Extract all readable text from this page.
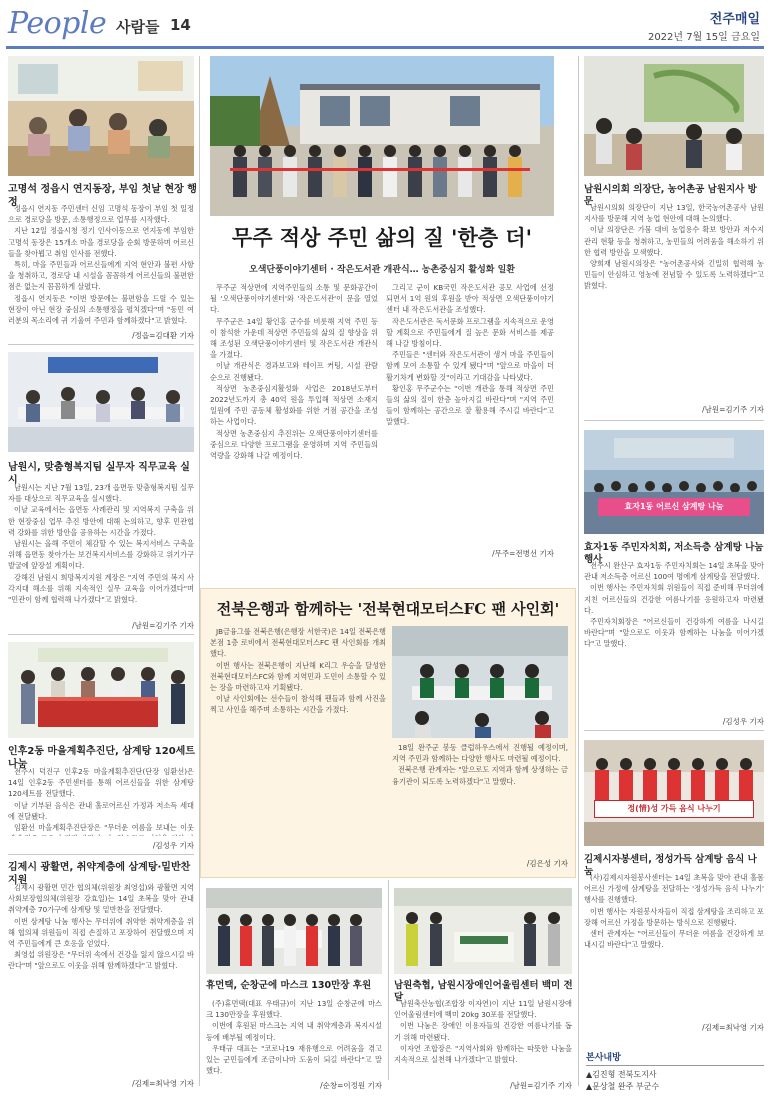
People 사람들 14	전주매일
2022년 7월 15일 금요일
고명석 정읍시 연지동장, 부임 첫날 현장 행정

정읍시 연지동 주민센터 신임 고명석 동장이 부임 첫 일정으로 경로당을 방문, 소통행정으로 업무를 시작했다.

지난 12일 정읍시청 정기 인사이동으로 연지동에 부임한 고명석 동장은 15개소 마을 경로당을 순회 방문하며 어르신들을 찾아뵙고 취임 인사를 전했다.

특히, 마을 주민들과 어르신들에게 지역 현안과 불편 사항을 청취하고, 경로당 내 시설을 꼼꼼하게 어르신들의 불편한 점은 없는지 꼼꼼하게 살폈다.

정읍시 연지동은 "이번 방문에는 불편함을 드릴 수 있는 현장이 아닌 현장 중심의 소통행정을 펼치겠다"며 "동민 여러분의 목소리에 귀 기울여 주민과 함께하겠다"고 밝혔다.

/정읍=김대환 기자
남원시, 맞춤형복지팀 실무자 직무교육 실시

남원시는 지난 7월 13일, 23개 읍면동 맞춤형복지팀 실무자를 대상으로 직무교육을 실시했다.

이날 교육에서는 읍면동 사례관리 및 지역복지 구축을 위한 현장중심 업무 추진 방안에 대해 논의하고, 향후 민관협력 강화를 위한 방안을 공유하는 시간을 가졌다.

남원시는 올해 주민이 체감할 수 있는 복지서비스 구축을 위해 읍면동 찾아가는 보건복지서비스를 강화하고 위기가구 발굴에 앞장설 계획이다.

강해진 남원시 희망복지지원 계장은 "지역 주민의 복지 사각지대 해소를 위해 지속적인 실무 교육을 이어가겠다"며 "민관이 함께 협력해 나가겠다"고 밝혔다.

/남원=김기주 기자
인후2동 마을계획추진단, 삼계탕 120세트 나눔

전주시 덕진구 인후2동 마을계획추진단(단장 임환선)은 14일 인후2동 주민센터를 통해 어르신들을 위한 삼계탕 120세트를 전달했다.

이날 기부된 음식은 관내 홀로어르신 가정과 저소득 세대에 전달됐다.

임환선 마을계획추진단장은 "무더운 여름을 보내는 이웃

/김성우 기자
김제시 광활면, 취약계층에 삼계탕·밑반찬 지원

김제시 광활면 민간 협의체(위원장 최영섭)와 광활면 지역사회보장협의체(위원장 강효일)는 14일 초복을 맞아 관내 취약계층 70가구에 삼계탕 및 밑반찬을 전달했다.

이번 삼계탕 나눔 행사는 무더위에 취약한 취약계층을 위해 협의체 위원들이 직접 손질하고 포장하여 전달했으며 지역 주민들에게 큰 호응을 얻었다.

최영섭 위원장은 "무더위 속에서 건강을 잃지 않으시길 바란다"며 "앞으로도 이웃을 위해 함께하겠다"고 밝혔다.

/김제=최낙영 기자
무주 적상 주민 삶의 질 '한층 더'
오색단풍이야기센터 · 작은도서관 개관식… 농촌중심지 활성화 일환

무주군 적상면에 지역주민들의 소통 및 문화공간이 될 '오색단풍이야기센터'와 '작은도서관'이 문을 열었다.

무주군은 14일 황인홍 군수를 비롯해 지역 주민 등이 참석한 가운데 적상면 주민들의 삶의 질 향상을 위해 조성된 오색단풍이야기센터 및 작은도서관 개관식을 가졌다.

이날 개관식은 경과보고와 테이프 커팅, 시설 관람 순으로 진행됐다.

적상면 농촌중심지활성화 사업은 2018년도부터 2022년도까지 총 40억 원을 투입해 적상면 소재지 일원에 주민 공동체 활성화를 위한 거점 공간을 조성하는 사업이다.

적상면 농촌중심지 추진위는 오색단풍이야기센터를 중심으로 다양한 프로그램을 운영하며 지역 주민들의 역량을 강화해 나갈 예정이다.

그리고 군이 KB국민 작은도서관 공모 사업에 선정되면서 1억 원의 후원을 받아 적상면 오색단풍이야기센터 내 작은도서관을 조성했다.

작은도서관은 독서문화 프로그램을 지속적으로 운영할 계획으로 주민들에게 질 높은 문화 서비스를 제공해 나갈 방침이다.

주민들은 "센터와 작은도서관이 생겨 마을 주민들이 함께 모여 소통할 수 있게 됐다"며 "앞으로 마을이 더 활기차게 변화할 것"이라고 기대감을 나타냈다.

황인홍 무주군수는 "이번 개관을 통해 적상면 주민들의 삶의 질이 한층 높아지길 바란다"며 "지역 주민들이 함께하는 공간으로 잘 활용해 주시길 바란다"고 말했다.

/무주=전병선 기자
전북은행과 함께하는 '전북현대모터스FC 팬 사인회'

JB금융그룹 전북은행(은행장 서한국)은 14일 전북은행 본점 1층 로비에서 전북현대모터스FC 팬 사인회를 개최했다.

이번 행사는 전북은행이 지난해 K리그 우승을 달성한 전북현대모터스FC와 함께 지역민과 도민이 소통할 수 있는 장을 마련하고자 기획됐다.

이날 사인회에는 선수들이 참석해 팬들과 함께 사진을 찍고 사인을 해주며 소통하는 시간을 가졌다.

18일 완주군 봉동 클럽하우스에서 진행될 예정이며, 지역 주민과 함께하는 다양한 행사도 마련될 예정이다.

전북은행 관계자는 "앞으로도 지역과 함께 상생하는 금융기관이 되도록 노력하겠다"고 말했다.

/김은성 기자
휴먼택, 순창군에 마스크 130만장 후원

(주)휴먼택(대표 우태규)이 지난 13일 순창군에 마스크 130만장을 후원했다.

이번에 후원된 마스크는 지역 내 취약계층과 복지시설 등에 배부될 예정이다.

우태규 대표는 "코로나19 재유행으로 어려움을 겪고 있는 군민들에게 조금이나마 도움이 되길 바란다"고 말했다.

/순창=이정원 기자
남원축협, 남원시장애인어울림센터 백미 전달

남원축산농협(조합장 이자연)이 지난 11일 남원시장애인어울림센터에 백미 20kg 30포를 전달했다.

이번 나눔은 장애인 이용자들의 건강한 여름나기를 돕기 위해 마련됐다.

이자연 조합장은 "지역사회와 함께하는 따뜻한 나눔을 지속적으로 실천해 나가겠다"고 밝혔다.

/남원=김기주 기자
남원시의회 의장단, 농어촌공 남원지사 방문

남원시의회 의장단이 지난 13일, 한국농어촌공사 남원지사를 방문해 지역 농업 현안에 대해 논의했다.

이날 의장단은 가뭄 대비 농업용수 확보 방안과 저수지 관리 현황 등을 청취하고, 농민들의 어려움을 해소하기 위한 협력 방안을 모색했다.

양희재 남원시의장은 "농어촌공사와 긴밀히 협력해 농민들이 안심하고 영농에 전념할 수 있도록 노력하겠다"고 밝혔다.

/남원=김기주 기자
효자1동 어르신 삼계탕 나눔
효자1동 주민자치회, 저소득층 삼계탕 나눔 행사

전주시 완산구 효자1동 주민자치회는 14일 초복을 맞아 관내 저소득층 어르신 100여 명에게 삼계탕을 전달했다.

이번 행사는 주민자치회 위원들이 직접 준비해 무더위에 지친 어르신들의 건강한 여름나기를 응원하고자 마련됐다.

주민자치회장은 "어르신들이 건강하게 여름을 나시길 바란다"며 "앞으로도 이웃과 함께하는 나눔을 이어가겠다"고 말했다.

/김성우 기자
정(情)성 가득 음식 나누기
김제시자봉센터, 정성가득 삼계탕 음식 나눔

(사)김제시자원봉사센터는 14일 초복을 맞아 관내 홀몸어르신 가정에 삼계탕을 전달하는 '정성가득 음식 나누기' 행사를 진행했다.

이번 행사는 자원봉사자들이 직접 삼계탕을 조리하고 포장해 어르신 가정을 방문하는 방식으로 진행됐다.

센터 관계자는 "어르신들이 무더운 여름을 건강하게 보내시길 바란다"고 말했다.

/김제=최낙영 기자
본사내방
▲김진형 전북도지사
▲문상철 완주 부군수
